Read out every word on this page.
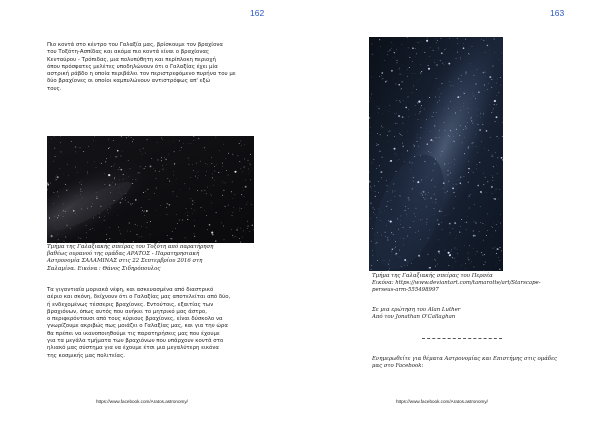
162
Πιο κοντά στο κέντρο του Γαλαξία μας, βρίσκουμε τον βραχίονα
του Τοξότη-Ασπίδας και ακόμα πιο κοντά είναι ο βραχίονας
Κενταύρου - Τρόπιδας, μια πολυπύθητη και περίπλοκη περιοχή
όπου πρόσφατες μελέτες υποδηλώνουν ότι ο Γαλαξίας έχει μία
αστρική ράβδο η οποία περιβάλει τον περιστρεφόμενο πυρήνα του με
δύο βραχίονες οι οποίοι καμπυλώνουν αντιστρόφως απ' εξώ
τους.
Τμήμα της Γαλαξιακής σπείρας του Τοξότη από παρατήρηση
βαθέως ουρανού της ομάδας ΑΡΑΤΟΣ - Παρατηρησιακή
Αστρονομία ΣΑΛΑΜΙΝΑΣ στις 22 Σεπτεμβρίου 2016 στη
Σαλαμίνα. Εικόνα : Θάνος Σιδηρόπουλος
Τα γιγαντιαία μοριακά νέφη, και ασκευασμένα από διαστρικό
αέριο και σκόνη, δείχνουν ότι ο Γαλαξίας μας αποτελείται από δύο,
ή ενδεχομένως τέσσερις βραχίονες. Εντούτοις, εξαιτίας των
βραχιόνων, όπως αυτός που ανήκει το μητρικό μας άστρο,
ο περιφερόντουσι από τους κύριους βραχίονες, είναι δύσκολο να
γνωρίζουμε ακριβώς πως μοιάζει ο Γαλαξίας μας, και για την ώρα
θα πρέπει να ικανοποιηθούμε τις παρατηρήσεις μας που έχουμε
για τα μεγάλα τμήματα των βραχιόνων που υπάρχουν κοντά στο
ηλιακό μας σύστημα για να έχουμε έτσι μια μεγαλύτερη εικόνα
της κοσμικής μας πολιτείας.
https://www.facebook.com/Aratos.astronomy/
163
Τμήμα της Γαλαξιακής σπείρας του Περσέα
Εικόνα: https://www.deviantart.com/tamarotte/art/Starscape-
perseus-arm-555498997
Σε μια ερώτηση του Alan Luther
Από τον Jonathan O'Callaghan
Ενημερωθείτε για θέματα Αστρονομίας και Επιστήμης στις ομάδες
μας στο Facebook:
https://www.facebook.com/Aratos.astronomy/
